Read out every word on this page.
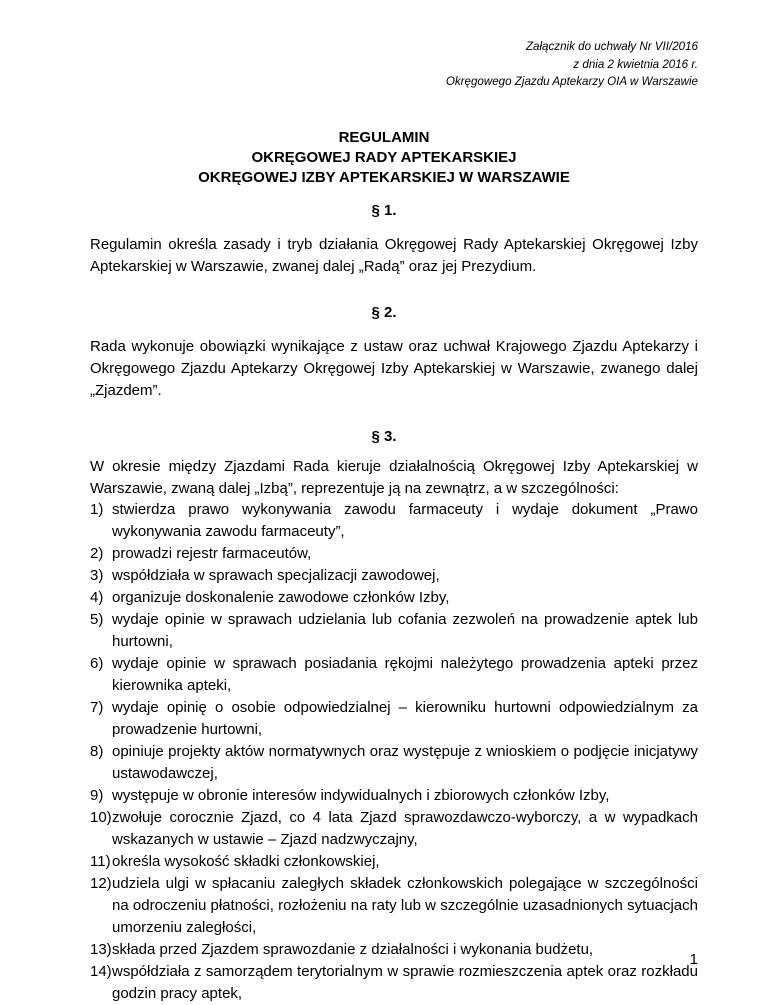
Załącznik do uchwały Nr VII/2016
z dnia 2 kwietnia 2016 r.
Okręgowego Zjazdu Aptekarzy OIA w Warszawie
REGULAMIN
OKRĘGOWEJ RADY APTEKARSKIEJ
OKRĘGOWEJ IZBY APTEKARSKIEJ W WARSZAWIE
§ 1.
Regulamin określa zasady i tryb działania Okręgowej Rady Aptekarskiej Okręgowej Izby Aptekarskiej w Warszawie, zwanej dalej „Radą” oraz jej Prezydium.
§ 2.
Rada wykonuje obowiązki wynikające z ustaw oraz uchwał Krajowego Zjazdu Aptekarzy i Okręgowego Zjazdu Aptekarzy Okręgowej Izby Aptekarskiej w Warszawie, zwanego dalej „Zjazdem”.
§ 3.
W okresie między Zjazdami Rada kieruje działalnością Okręgowej Izby Aptekarskiej w Warszawie, zwaną dalej „Izbą”, reprezentuje ją na zewnątrz, a w szczególności:
1) stwierdza prawo wykonywania zawodu farmaceuty i wydaje dokument „Prawo wykonywania zawodu farmaceuty”,
2) prowadzi rejestr farmaceutów,
3) współdziała w sprawach specjalizacji zawodowej,
4) organizuje doskonalenie zawodowe członków Izby,
5) wydaje opinie w sprawach udzielania lub cofania zezwoleń na prowadzenie aptek lub hurtowni,
6) wydaje opinie w sprawach posiadania rękojmi należytego prowadzenia apteki przez kierownika apteki,
7) wydaje opinię o osobie odpowiedzialnej – kierowniku hurtowni odpowiedzialnym za prowadzenie hurtowni,
8) opiniuje projekty aktów normatywnych oraz występuje z wnioskiem o podjęcie inicjatywy ustawodawczej,
9) występuje w obronie interesów indywidualnych i zbiorowych członków Izby,
10) zwołuje corocznie Zjazd, co 4 lata Zjazd sprawozdawczo-wyborczy, a w wypadkach wskazanych w ustawie – Zjazd nadzwyczajny,
11) określa wysokość składki członkowskiej,
12) udziela ulgi w spłacaniu zaległych składek członkowskich polegające w szczególności na odroczeniu płatności, rozłożeniu na raty lub w szczególnie uzasadnionych sytuacjach umorzeniu zaległości,
13) składa przed Zjazdem sprawozdanie z działalności i wykonania budżetu,
14) współdziała z samorządem terytorialnym w sprawie rozmieszczenia aptek oraz rozkładu godzin pracy aptek,
1
